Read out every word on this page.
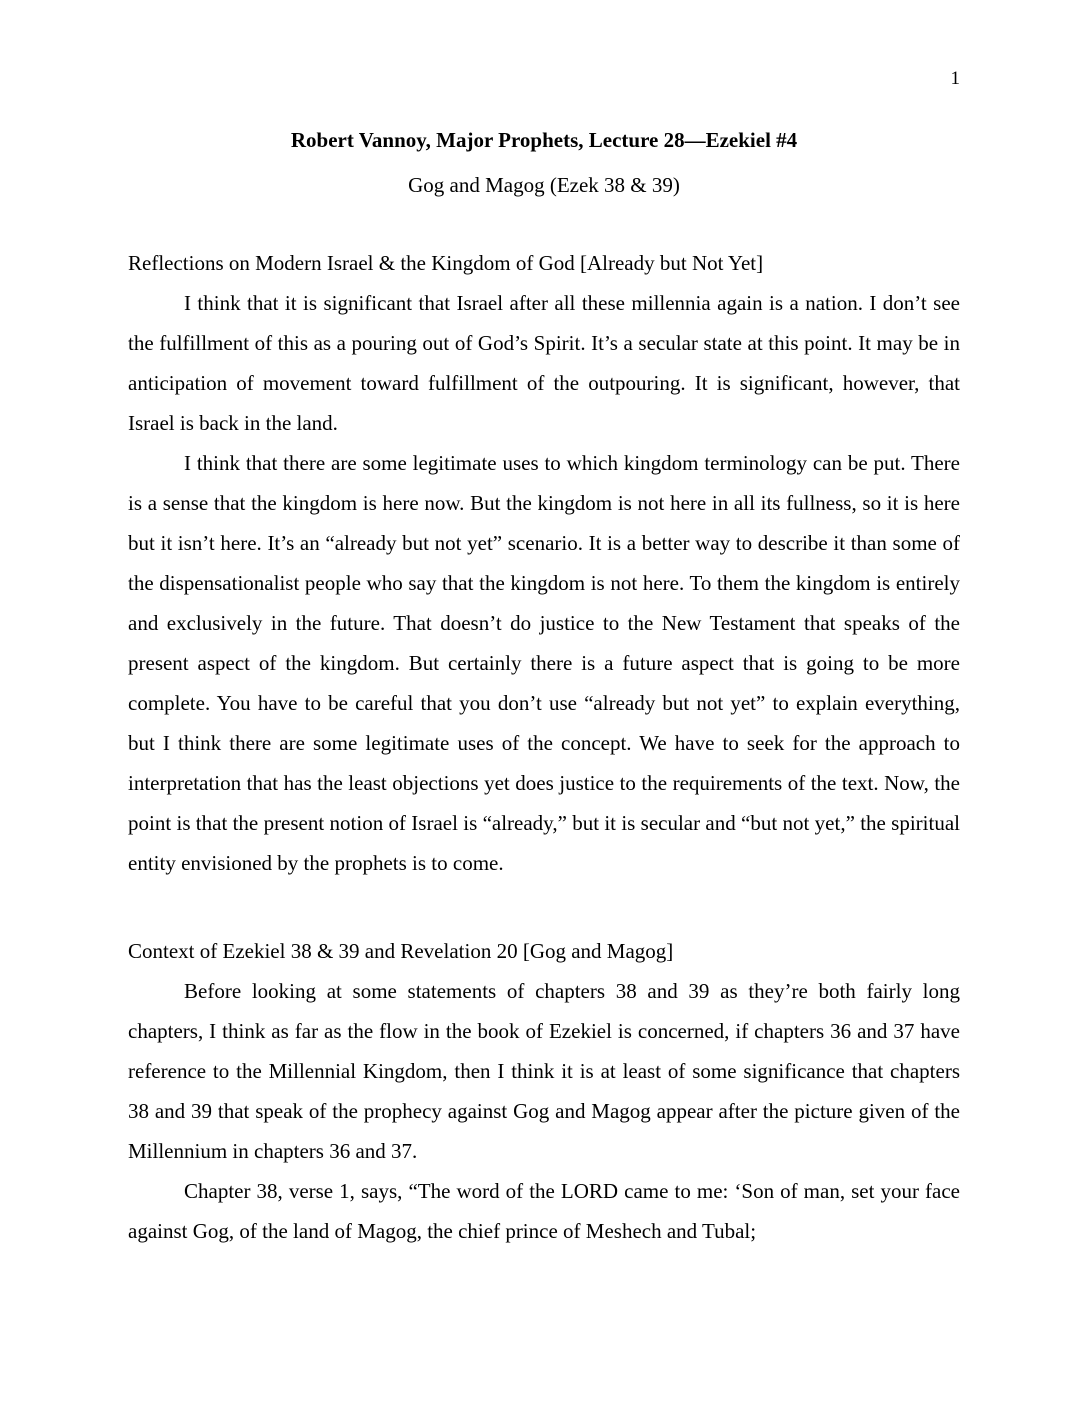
1
Robert Vannoy, Major Prophets, Lecture 28—Ezekiel #4
Gog and Magog (Ezek 38 & 39)

Reflections on Modern Israel & the Kingdom of God [Already but Not Yet]

I think that it is significant that Israel after all these millennia again is a nation. I don’t see the fulfillment of this as a pouring out of God’s Spirit. It’s a secular state at this point. It may be in anticipation of movement toward fulfillment of the outpouring. It is significant, however, that Israel is back in the land.

I think that there are some legitimate uses to which kingdom terminology can be put. There is a sense that the kingdom is here now. But the kingdom is not here in all its fullness, so it is here but it isn’t here. It’s an “already but not yet” scenario. It is a better way to describe it than some of the dispensationalist people who say that the kingdom is not here. To them the kingdom is entirely and exclusively in the future. That doesn’t do justice to the New Testament that speaks of the present aspect of the kingdom. But certainly there is a future aspect that is going to be more complete. You have to be careful that you don’t use “already but not yet” to explain everything, but I think there are some legitimate uses of the concept. We have to seek for the approach to interpretation that has the least objections yet does justice to the requirements of the text. Now, the point is that the present notion of Israel is “already,” but it is secular and “but not yet,” the spiritual entity envisioned by the prophets is to come.

Context of Ezekiel 38 & 39 and Revelation 20 [Gog and Magog]

Before looking at some statements of chapters 38 and 39 as they’re both fairly long chapters, I think as far as the flow in the book of Ezekiel is concerned, if chapters 36 and 37 have reference to the Millennial Kingdom, then I think it is at least of some significance that chapters 38 and 39 that speak of the prophecy against Gog and Magog appear after the picture given of the Millennium in chapters 36 and 37.

Chapter 38, verse 1, says, “The word of the LORD came to me: ‘Son of man, set your face against Gog, of the land of Magog, the chief prince of Meshech and Tubal;
